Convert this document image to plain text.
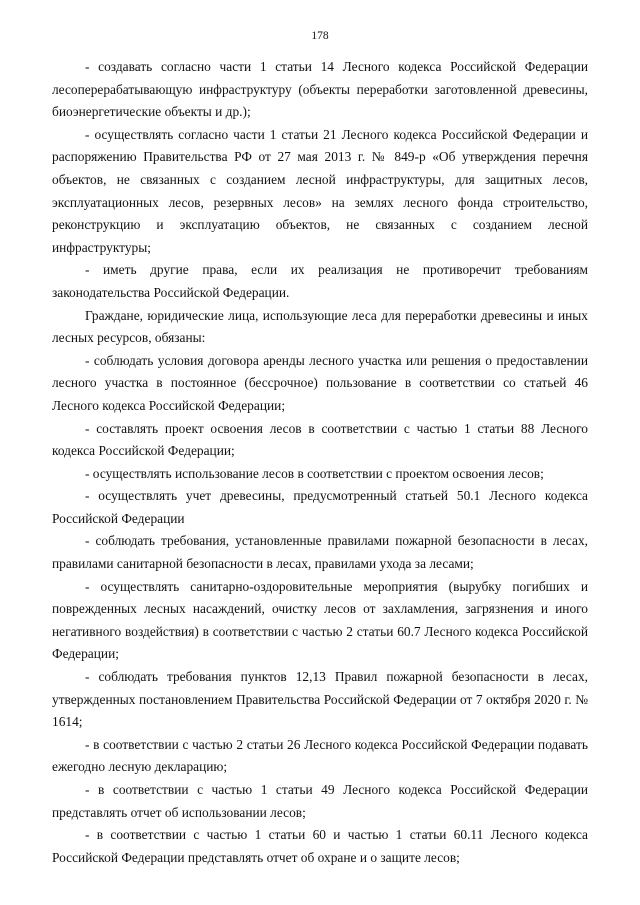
178

- создавать согласно части 1 статьи 14 Лесного кодекса Российской Федерации лесоперерабатывающую инфраструктуру (объекты переработки заготовленной древесины, биоэнергетические объекты и др.);

- осуществлять согласно части 1 статьи 21 Лесного кодекса Российской Федерации и распоряжению Правительства РФ от 27 мая 2013 г. № 849-р «Об утверждения перечня объектов, не связанных с созданием лесной инфраструктуры, для защитных лесов, эксплуатационных лесов, резервных лесов» на землях лесного фонда строительство, реконструкцию и эксплуатацию объектов, не связанных с созданием лесной инфраструктуры;

- иметь другие права, если их реализация не противоречит требованиям законодательства Российской Федерации.

Граждане, юридические лица, использующие леса для переработки древесины и иных лесных ресурсов, обязаны:

- соблюдать условия договора аренды лесного участка или решения о предоставлении лесного участка в постоянное (бессрочное) пользование в соответствии со статьей 46 Лесного кодекса Российской Федерации;

- составлять проект освоения лесов в соответствии с частью 1 статьи 88 Лесного кодекса Российской Федерации;

- осуществлять использование лесов в соответствии с проектом освоения лесов;

- осуществлять учет древесины, предусмотренный статьей 50.1 Лесного кодекса Российской Федерации

- соблюдать требования, установленные правилами пожарной безопасности в лесах, правилами санитарной безопасности в лесах, правилами ухода за лесами;

- осуществлять санитарно-оздоровительные мероприятия (вырубку погибших и поврежденных лесных насаждений, очистку лесов от захламления, загрязнения и иного негативного воздействия) в соответствии с частью 2 статьи 60.7 Лесного кодекса Российской Федерации;

- соблюдать требования пунктов 12,13 Правил пожарной безопасности в лесах, утвержденных постановлением Правительства Российской Федерации от 7 октября 2020 г. № 1614;

- в соответствии с частью 2 статьи 26 Лесного кодекса Российской Федерации подавать ежегодно лесную декларацию;

- в соответствии с частью 1 статьи 49 Лесного кодекса Российской Федерации представлять отчет об использовании лесов;

- в соответствии с частью 1 статьи 60 и частью 1 статьи 60.11 Лесного кодекса Российской Федерации представлять отчет об охране и о защите лесов;
